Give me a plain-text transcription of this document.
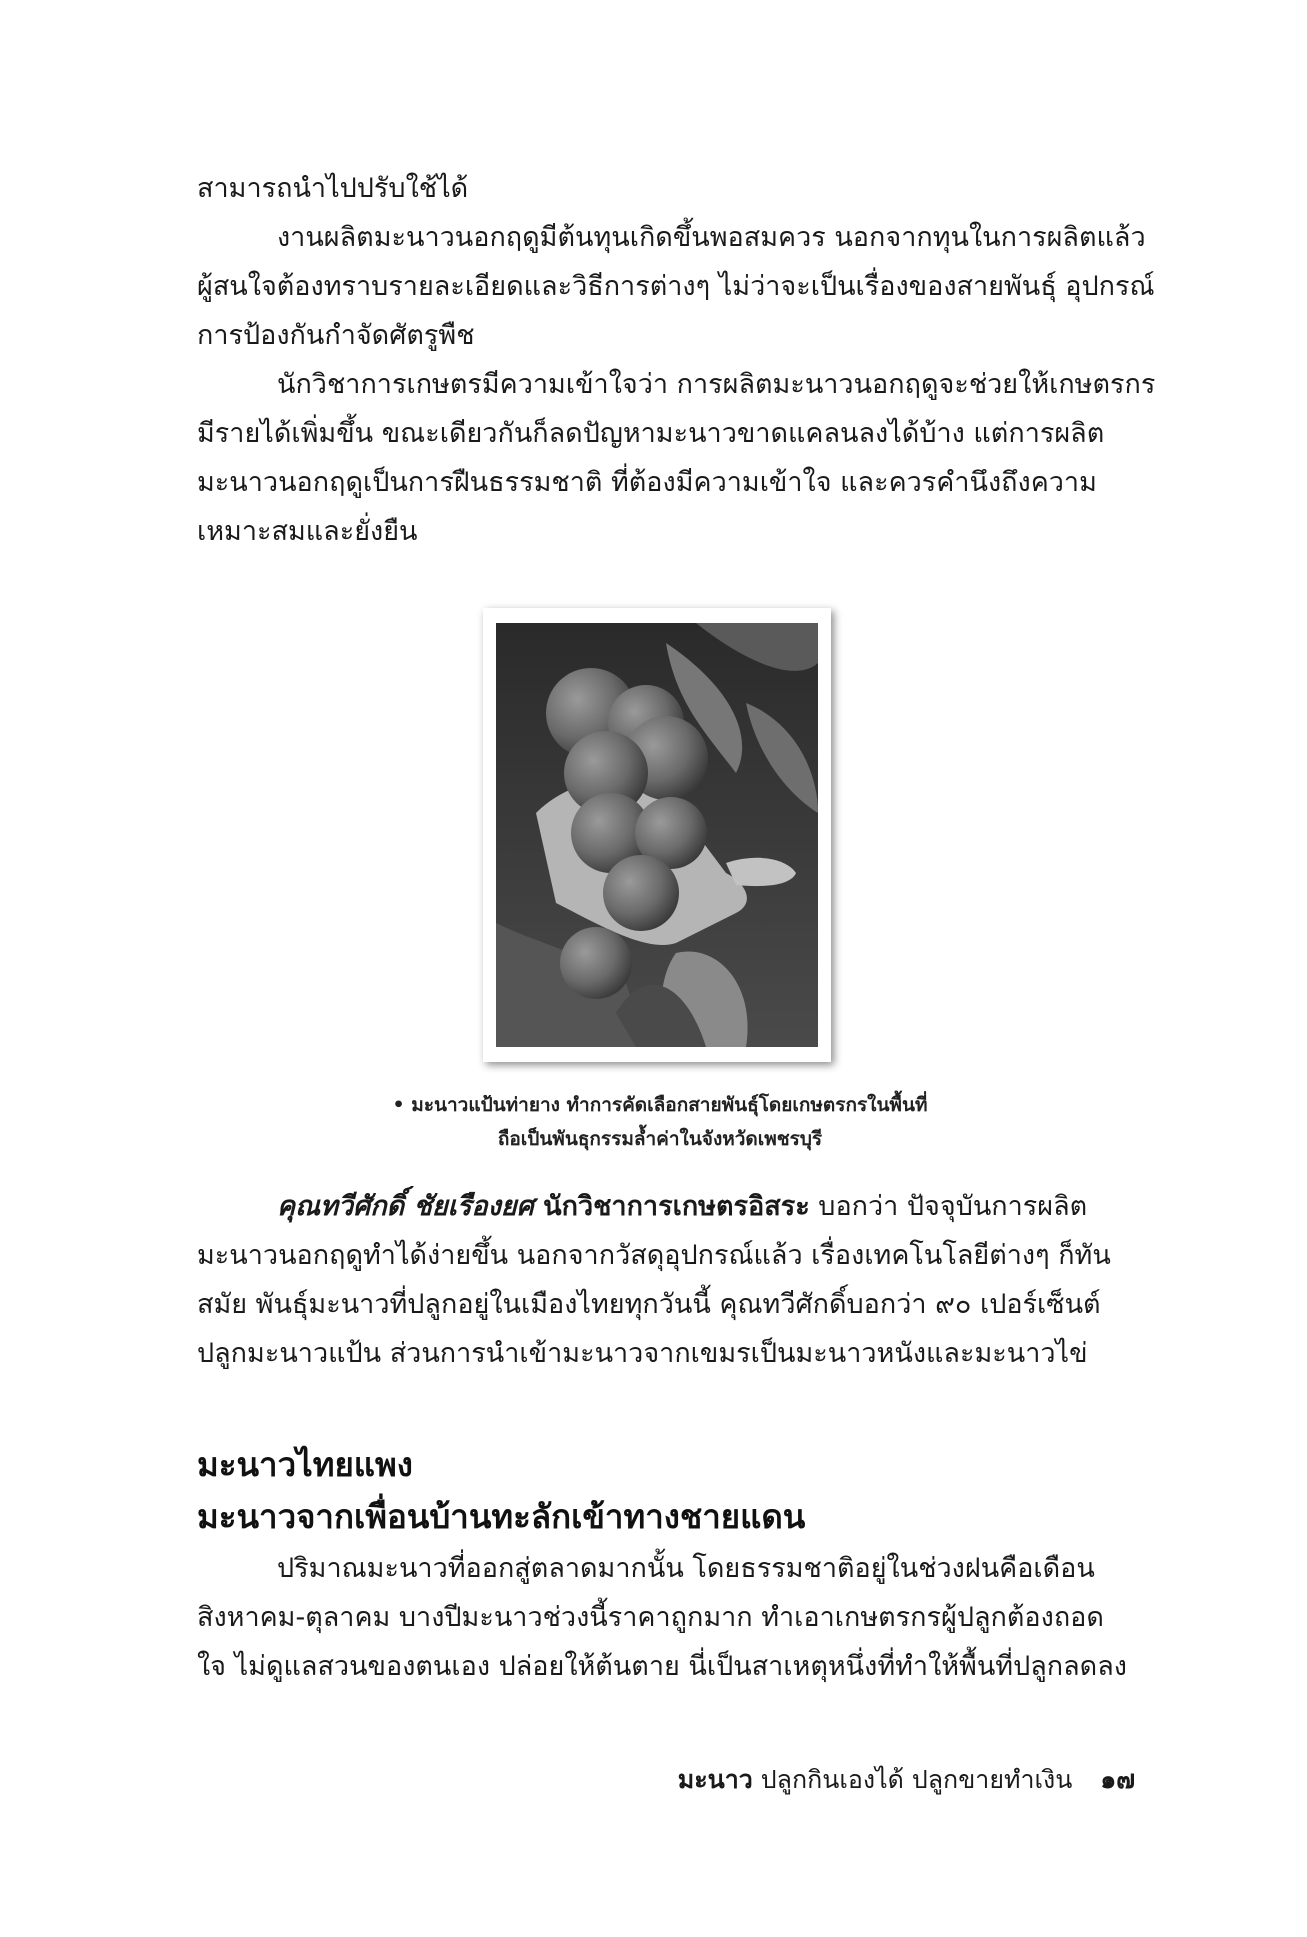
สามารถนำไปปรับใช้ได้

งานผลิตมะนาวนอกฤดูมีต้นทุนเกิดขึ้นพอสมควร นอกจากทุนในการผลิตแล้ว
ผู้สนใจต้องทราบรายละเอียดและวิธีการต่างๆ ไม่ว่าจะเป็นเรื่องของสายพันธุ์ อุปกรณ์
การป้องกันกำจัดศัตรูพืช

นักวิชาการเกษตรมีความเข้าใจว่า การผลิตมะนาวนอกฤดูจะช่วยให้เกษตรกร
มีรายได้เพิ่มขึ้น ขณะเดียวกันก็ลดปัญหามะนาวขาดแคลนลงได้บ้าง แต่การผลิต
มะนาวนอกฤดูเป็นการฝืนธรรมชาติ ที่ต้องมีความเข้าใจ และควรคำนึงถึงความ
เหมาะสมและยั่งยืน

• มะนาวแป้นท่ายาง ทำการคัดเลือกสายพันธุ์โดยเกษตรกรในพื้นที่
ถือเป็นพันธุกรรมล้ำค่าในจังหวัดเพชรบุรี
คุณทวีศักดิ์ ชัยเรืองยศ นักวิชาการเกษตรอิสระ บอกว่า ปัจจุบันการผลิต
มะนาวนอกฤดูทำได้ง่ายขึ้น นอกจากวัสดุอุปกรณ์แล้ว เรื่องเทคโนโลยีต่างๆ ก็ทัน
สมัย พันธุ์มะนาวที่ปลูกอยู่ในเมืองไทยทุกวันนี้ คุณทวีศักดิ์บอกว่า ๙๐ เปอร์เซ็นต์
ปลูกมะนาวแป้น ส่วนการนำเข้ามะนาวจากเขมรเป็นมะนาวหนังและมะนาวไข่
มะนาวไทยแพง
มะนาวจากเพื่อนบ้านทะลักเข้าทางชายแดน
ปริมาณมะนาวที่ออกสู่ตลาดมากนั้น โดยธรรมชาติอยู่ในช่วงฝนคือเดือน
สิงหาคม-ตุลาคม บางปีมะนาวช่วงนี้ราคาถูกมาก ทำเอาเกษตรกรผู้ปลูกต้องถอด
ใจ ไม่ดูแลสวนของตนเอง ปล่อยให้ต้นตาย นี่เป็นสาเหตุหนึ่งที่ทำให้พื้นที่ปลูกลดลง
มะนาว ปลูกกินเองได้ ปลูกขายทำเงิน ๑๗
